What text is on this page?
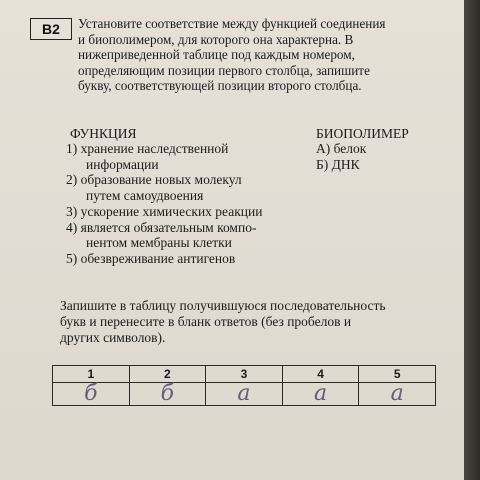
В2	Установите соответствие между функцией соединения
и биополимером, для которого она характерна. В
нижеприведенной таблице под каждым номером,
определяющим позиции первого столбца, запишите
букву, соответствующей позиции второго столбца.
ФУНКЦИЯ	БИОПОЛИМЕР
1) хранение наследственной
информации
2) образование новых молекул
путем самоудвоения
3) ускорение химических реакции
4) является обязательным компо-
нентом мембраны клетки
5) обезвреживание антигенов
А) белок
Б) ДНК
Запишите в таблицу получившуюся последовательность
букв и перенесите в бланк ответов (без пробелов и
других символов).
1	2	3	4	5
б	б	а	а	а
